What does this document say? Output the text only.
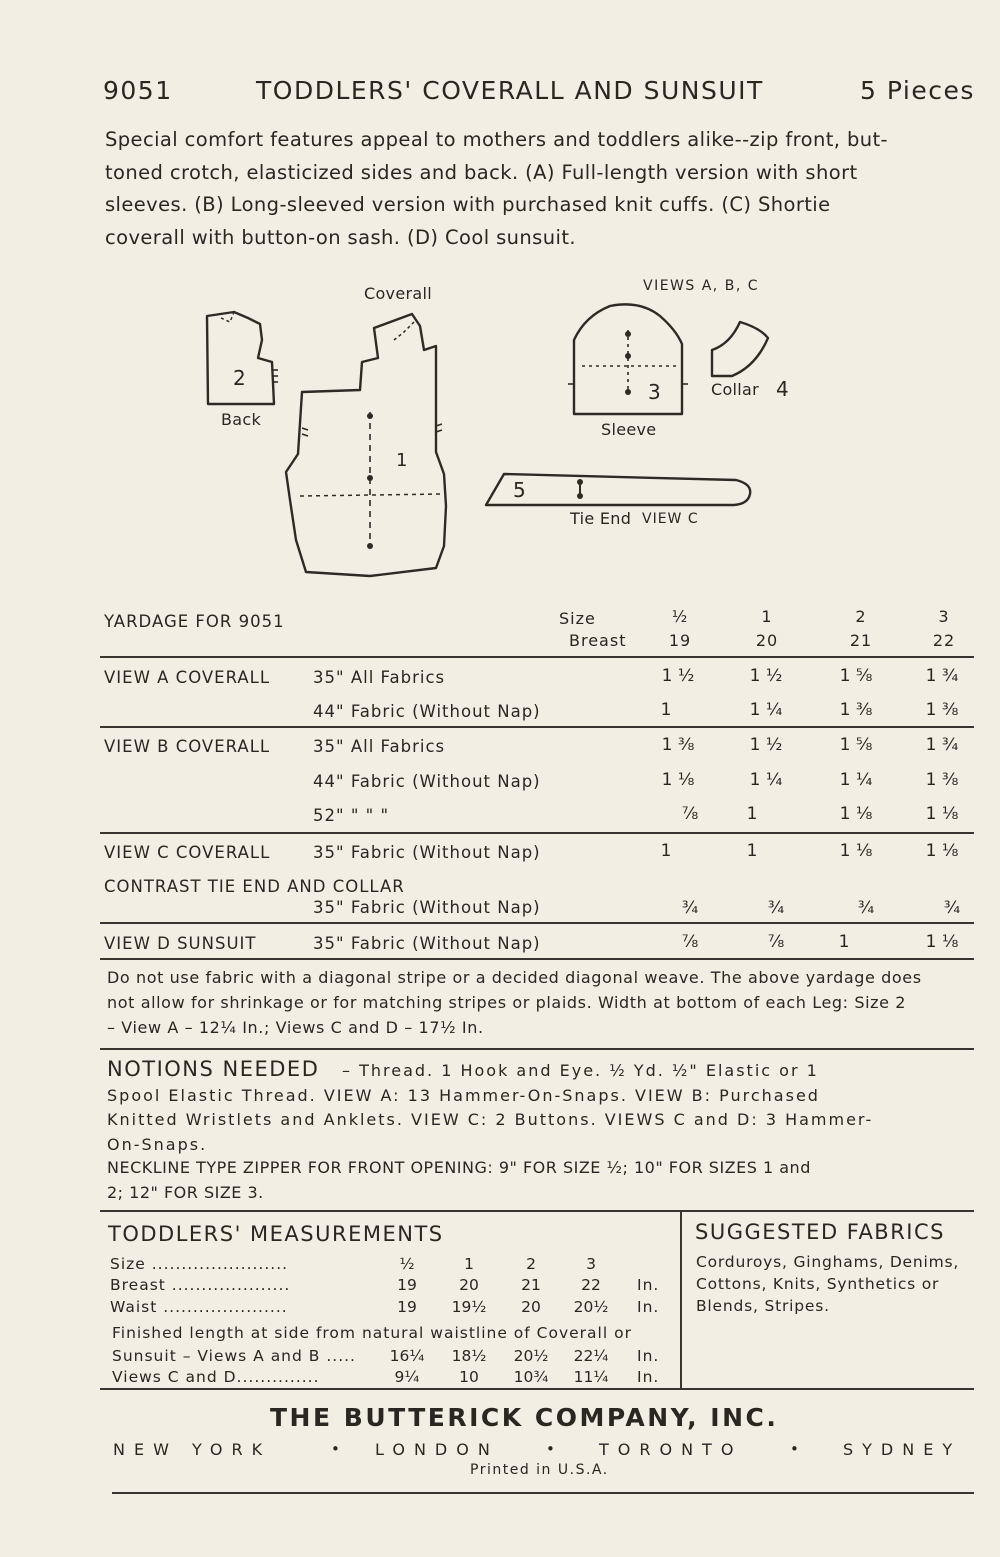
9051	TODDLERS' COVERALL AND SUNSUIT	5 Pieces
Special comfort features appeal to mothers and toddlers alike--zip front, but-
toned crotch, elasticized sides and back. (A) Full-length version with short
sleeves. (B) Long-sleeved version with purchased knit cuffs. (C) Shortie
coverall with button-on sash. (D) Cool sunsuit.
Coverall	VIEWS A, B, C
Back
Sleeve
Collar
Tie End VIEW C
1
2
3	4
5
YARDAGE FOR 9051	Size
Breast
½	1	2	3
19	20	21	22
VIEW A COVERALL	35" All Fabrics	1 ½	1 ½	1 ⅝	1 ¾
44" Fabric (Without Nap)	1	1 ¼	1 ⅜	1 ⅜
VIEW B COVERALL	35" All Fabrics	1 ⅜	1 ½	1 ⅝	1 ¾
44" Fabric (Without Nap)	1 ⅛	1 ¼	1 ¼	1 ⅜
52" " " "	⅞	1	1 ⅛	1 ⅛
VIEW C COVERALL	35" Fabric (Without Nap)	1	1	1 ⅛	1 ⅛
CONTRAST TIE END AND COLLAR
35" Fabric (Without Nap)	¾	¾	¾	¾
VIEW D SUNSUIT	35" Fabric (Without Nap)	⅞	⅞	1	1 ⅛
Do not use fabric with a diagonal stripe or a decided diagonal weave. The above yardage does
not allow for shrinkage or for matching stripes or plaids. Width at bottom of each Leg: Size 2
– View A – 12¼ In.; Views C and D – 17½ In.
NOTIONS NEEDED – Thread. 1 Hook and Eye. ½ Yd. ½" Elastic or 1
Spool Elastic Thread. VIEW A: 13 Hammer-On-Snaps. VIEW B: Purchased
Knitted Wristlets and Anklets. VIEW C: 2 Buttons. VIEWS C and D: 3 Hammer-
On-Snaps.
NECKLINE TYPE ZIPPER FOR FRONT OPENING: 9" FOR SIZE ½; 10" FOR SIZES 1 and
2; 12" FOR SIZE 3.
TODDLERS' MEASUREMENTS
Size .......................	½	1	2	3
Breast ....................	19	20	21	22	In.
Waist .....................	19	19½	20	20½	In.
Finished length at side from natural waistline of Coverall or
Sunsuit – Views A and B .....	16¼	18½	20½	22¼	In.
Views C and D..............	9¼	10	10¾	11¼	In.
SUGGESTED FABRICS
Corduroys, Ginghams, Denims,
Cottons, Knits, Synthetics or
Blends, Stripes.
THE BUTTERICK COMPANY, INC.
NEW YORK	• LONDON	•	TORONTO	•	SYDNEY
Printed in U.S.A.
